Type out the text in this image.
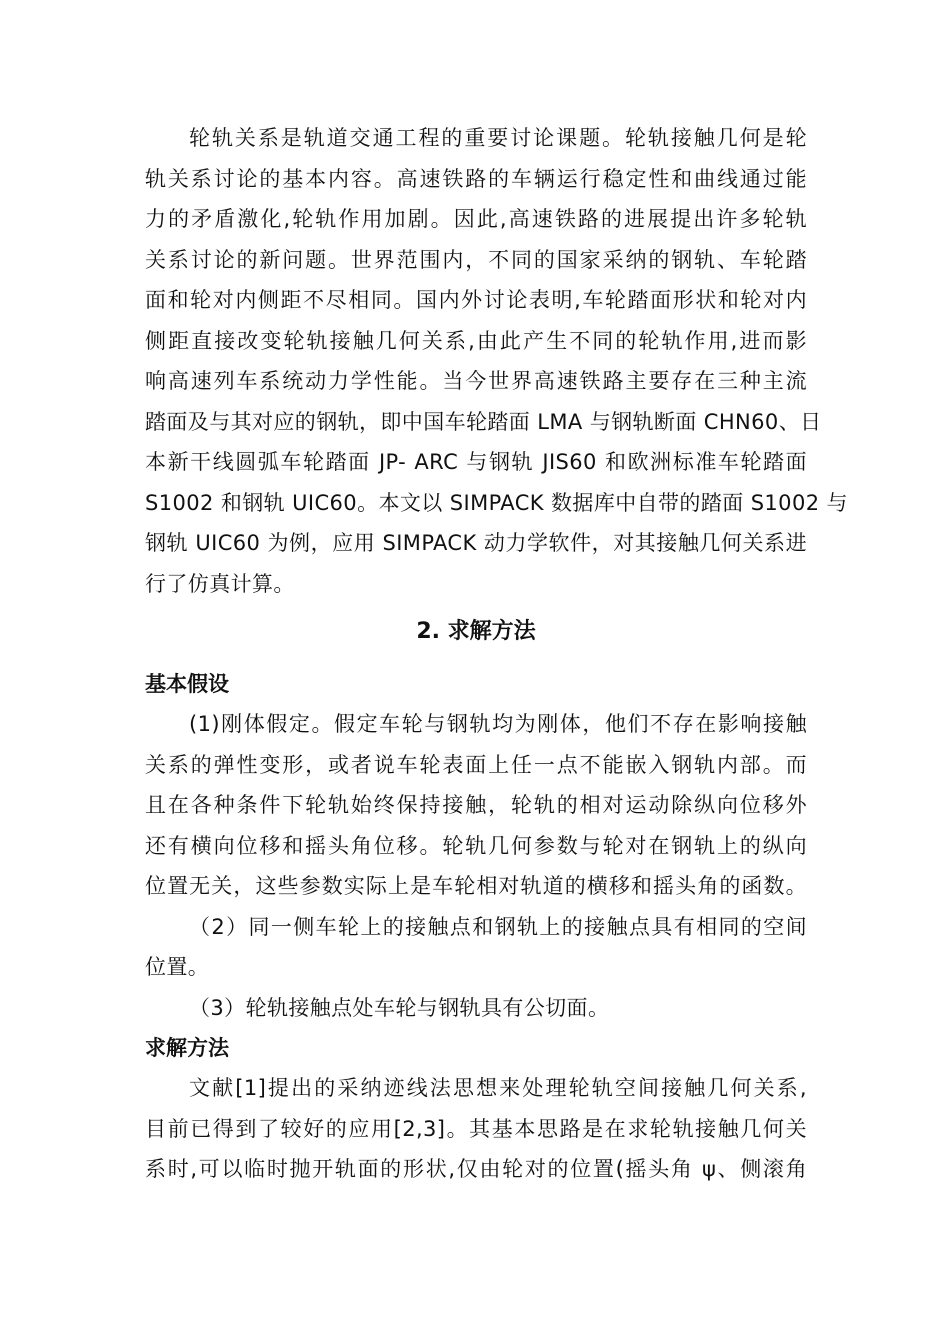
轮轨关系是轨道交通工程的重要讨论课题。轮轨接触几何是轮
轨关系讨论的基本内容。高速铁路的车辆运行稳定性和曲线通过能
力的矛盾激化,轮轨作用加剧。因此,高速铁路的进展提出许多轮轨
关系讨论的新问题。世界范围内，不同的国家采纳的钢轨、车轮踏
面和轮对内侧距不尽相同。国内外讨论表明,车轮踏面形状和轮对内
侧距直接改变轮轨接触几何关系,由此产生不同的轮轨作用,进而影
响高速列车系统动力学性能。当今世界高速铁路主要存在三种主流
踏面及与其对应的钢轨，即中国车轮踏面 LMA 与钢轨断面 CHN60、日
本新干线圆弧车轮踏面 JP- ARC 与钢轨 JIS60 和欧洲标准车轮踏面
S1002 和钢轨 UIC60。本文以 SIMPACK 数据库中自带的踏面 S1002 与
钢轨 UIC60 为例，应用 SIMPACK 动力学软件，对其接触几何关系进
行了仿真计算。
2. 求解方法
基本假设
(1)刚体假定。假定车轮与钢轨均为刚体，他们不存在影响接触
关系的弹性变形，或者说车轮表面上任一点不能嵌入钢轨内部。而
且在各种条件下轮轨始终保持接触，轮轨的相对运动除纵向位移外
还有横向位移和摇头角位移。轮轨几何参数与轮对在钢轨上的纵向
位置无关，这些参数实际上是车轮相对轨道的横移和摇头角的函数。
（2）同一侧车轮上的接触点和钢轨上的接触点具有相同的空间
位置。
（3）轮轨接触点处车轮与钢轨具有公切面。
求解方法
文献[1]提出的采纳迹线法思想来处理轮轨空间接触几何关系,
目前已得到了较好的应用[2,3]。其基本思路是在求轮轨接触几何关
系时,可以临时抛开轨面的形状,仅由轮对的位置(摇头角 ψ、侧滚角
